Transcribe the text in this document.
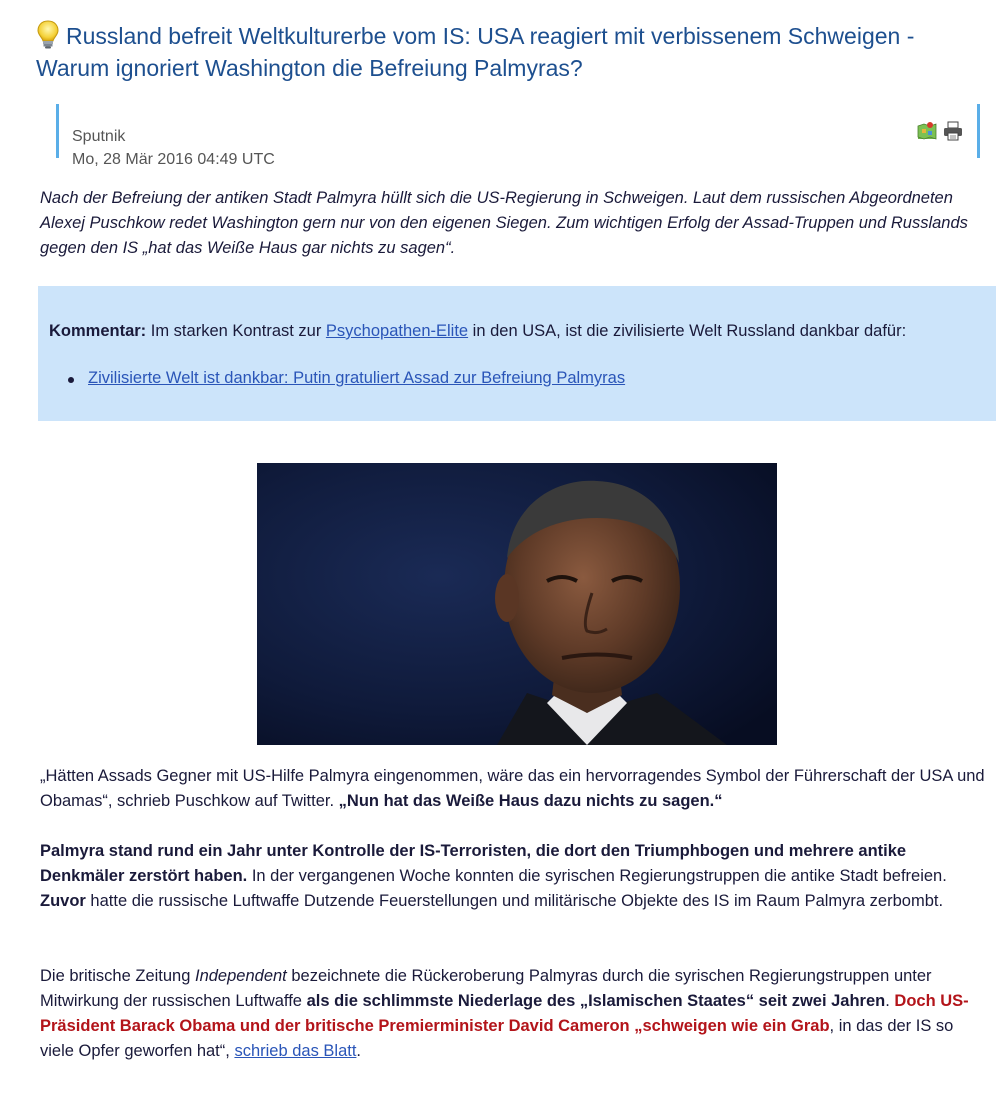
Russland befreit Weltkulturerbe vom IS: USA reagiert mit verbissenem Schweigen - Warum ignoriert Washington die Befreiung Palmyras?
Sputnik
Mo, 28 Mär 2016 04:49 UTC

Nach der Befreiung der antiken Stadt Palmyra hüllt sich die US-Regierung in Schweigen. Laut dem russischen Abgeordneten Alexej Puschkow redet Washington gern nur von den eigenen Siegen. Zum wichtigen Erfolg der Assad-Truppen und Russlands gegen den IS „hat das Weiße Haus gar nichts zu sagen“.

Kommentar: Im starken Kontrast zur Psychopathen-Elite in den USA, ist die zivilisierte Welt Russland dankbar dafür:
Zivilisierte Welt ist dankbar: Putin gratuliert Assad zur Befreiung Palmyras

„Hätten Assads Gegner mit US-Hilfe Palmyra eingenommen, wäre das ein hervorragendes Symbol der Führerschaft der USA und Obamas“, schrieb Puschkow auf Twitter. „Nun hat das Weiße Haus dazu nichts zu sagen.“

Palmyra stand rund ein Jahr unter Kontrolle der IS-Terroristen, die dort den Triumphbogen und mehrere antike Denkmäler zerstört haben. In der vergangenen Woche konnten die syrischen Regierungstruppen die antike Stadt befreien. Zuvor hatte die russische Luftwaffe Dutzende Feuerstellungen und militärische Objekte des IS im Raum Palmyra zerbombt.

Die britische Zeitung Independent bezeichnete die Rückeroberung Palmyras durch die syrischen Regierungstruppen unter Mitwirkung der russischen Luftwaffe als die schlimmste Niederlage des „Islamischen Staates“ seit zwei Jahren. Doch US-Präsident Barack Obama und der britische Premierminister David Cameron „schweigen wie ein Grab, in das der IS so viele Opfer geworfen hat“, schrieb das Blatt.
